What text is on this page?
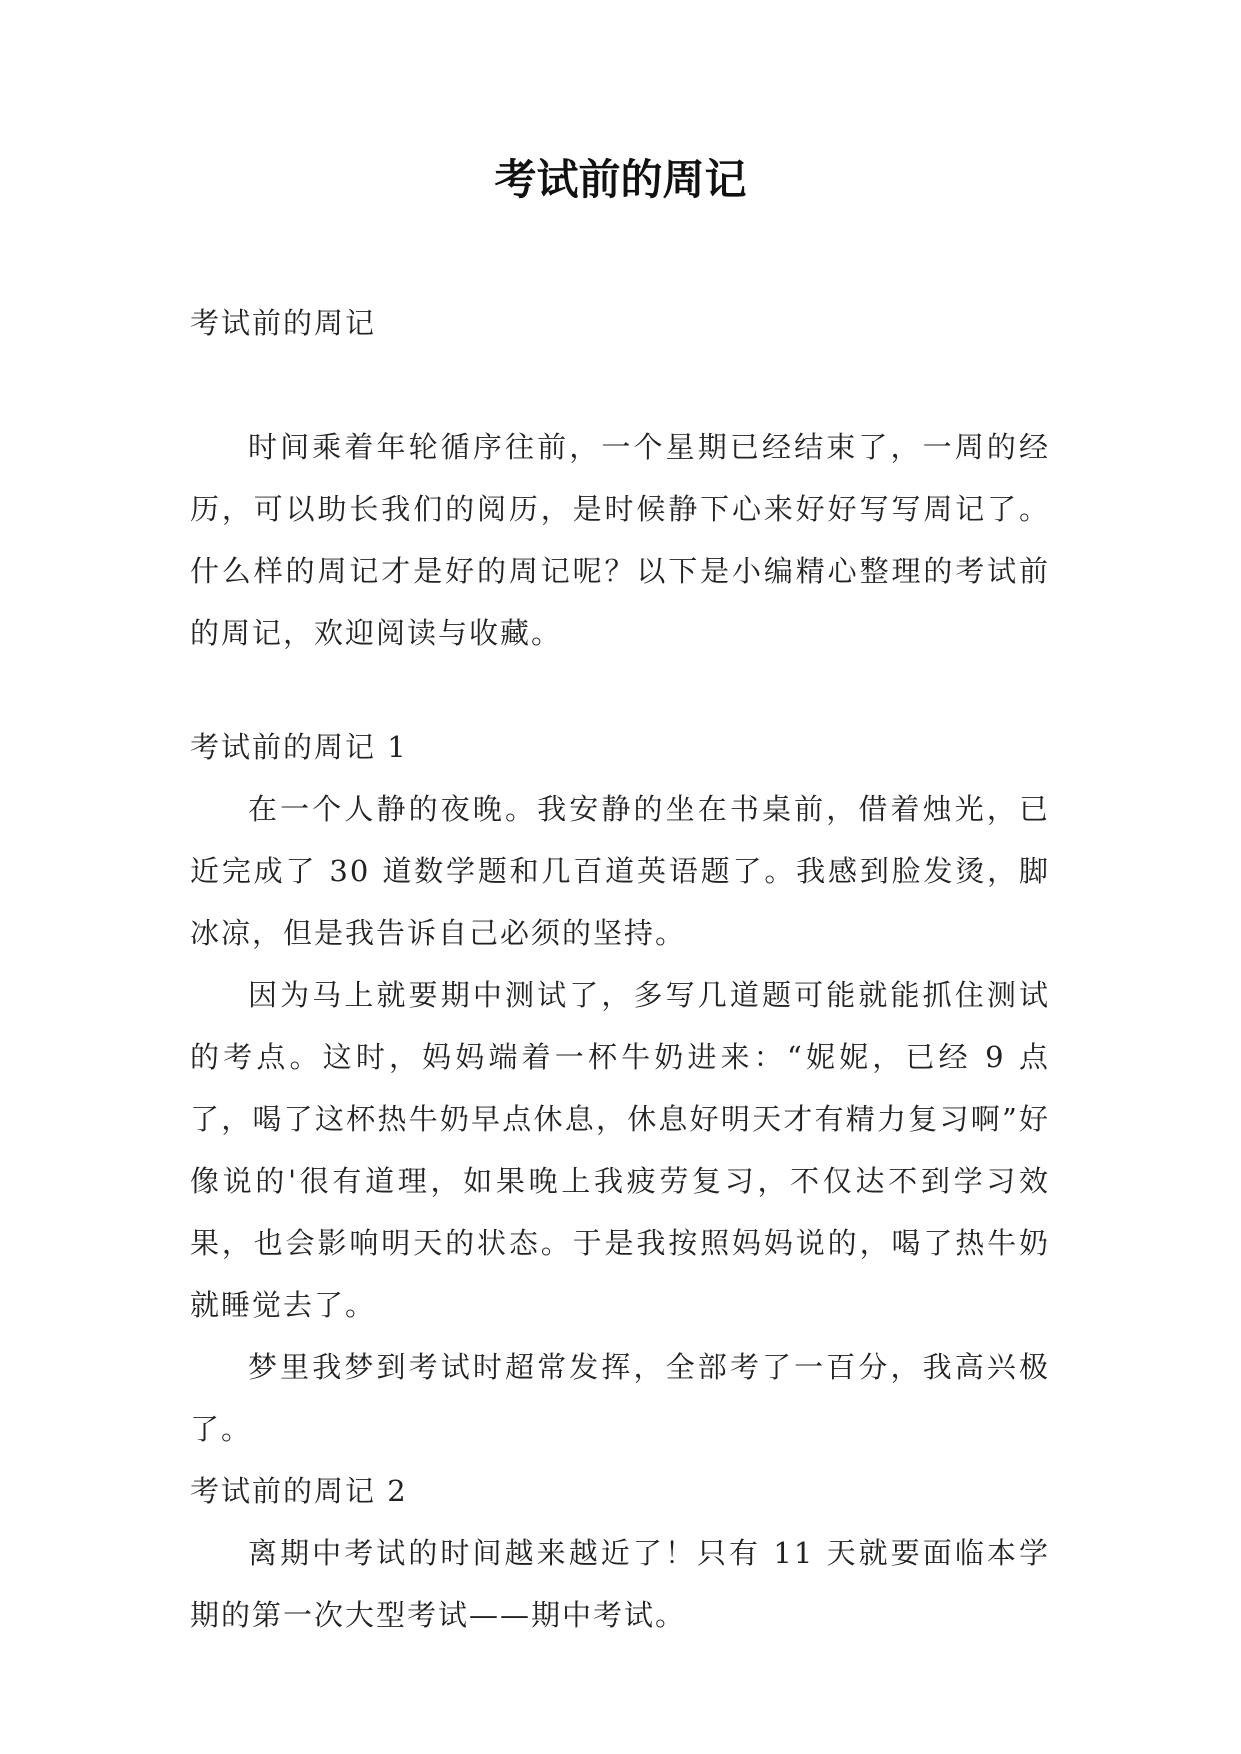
考试前的周记

考试前的周记

时间乘着年轮循序往前，一个星期已经结束了，一周的经历，可以助长我们的阅历，是时候静下心来好好写写周记了。什么样的周记才是好的周记呢？以下是小编精心整理的考试前的周记，欢迎阅读与收藏。

考试前的周记 1

在一个人静的夜晚。我安静的坐在书桌前，借着烛光，已近完成了 30 道数学题和几百道英语题了。我感到脸发烫，脚冰凉，但是我告诉自己必须的坚持。

因为马上就要期中测试了，多写几道题可能就能抓住测试的考点。这时，妈妈端着一杯牛奶进来：“妮妮，已经 9 点了，喝了这杯热牛奶早点休息，休息好明天才有精力复习啊”好像说的'很有道理，如果晚上我疲劳复习，不仅达不到学习效果，也会影响明天的状态。于是我按照妈妈说的，喝了热牛奶就睡觉去了。

梦里我梦到考试时超常发挥，全部考了一百分，我高兴极了。

考试前的周记 2

离期中考试的时间越来越近了！只有 11 天就要面临本学期的第一次大型考试——期中考试。
